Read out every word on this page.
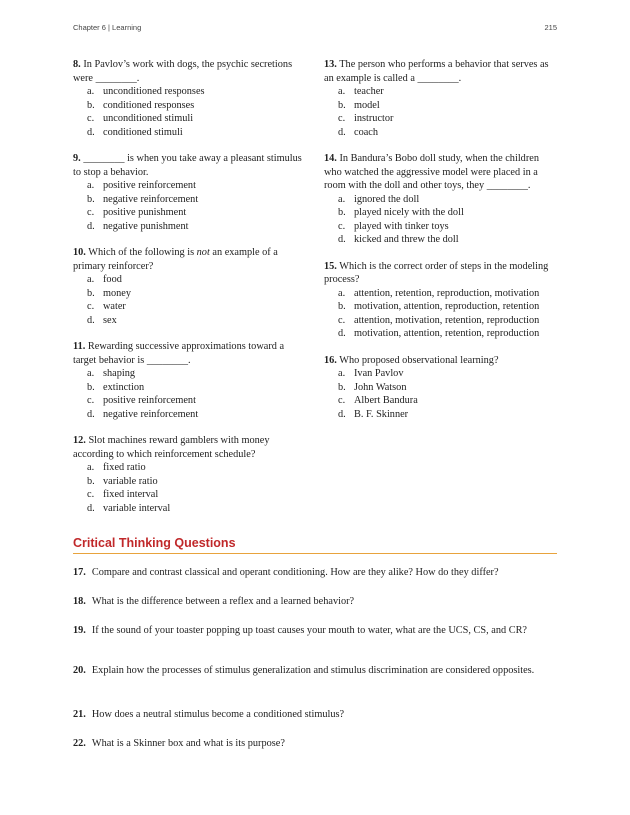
Chapter 6 | Learning	215

8. In Pavlov’s work with dogs, the psychic secretions were ________.

a. unconditioned responses
b. conditioned responses
c. unconditioned stimuli
d. conditioned stimuli

9. ________ is when you take away a pleasant stimulus to stop a behavior.

a. positive reinforcement
b. negative reinforcement
c. positive punishment
d. negative punishment

10. Which of the following is not an example of a primary reinforcer?

a. food
b. money
c. water
d. sex

11. Rewarding successive approximations toward a target behavior is ________.

a. shaping
b. extinction
c. positive reinforcement
d. negative reinforcement

12. Slot machines reward gamblers with money according to which reinforcement schedule?

a. fixed ratio
b. variable ratio
c. fixed interval
d. variable interval

13. The person who performs a behavior that serves as an example is called a ________.

a. teacher
b. model
c. instructor
d. coach

14. In Bandura’s Bobo doll study, when the children who watched the aggressive model were placed in a room with the doll and other toys, they ________.

a. ignored the doll
b. played nicely with the doll
c. played with tinker toys
d. kicked and threw the doll

15. Which is the correct order of steps in the modeling process?

a. attention, retention, reproduction, motivation
b. motivation, attention, reproduction, retention
c. attention, motivation, retention, reproduction
d. motivation, attention, retention, reproduction

16. Who proposed observational learning?

a. Ivan Pavlov
b. John Watson
c. Albert Bandura
d. B. F. Skinner
Critical Thinking Questions

17. Compare and contrast classical and operant conditioning. How are they alike? How do they differ?

18. What is the difference between a reflex and a learned behavior?

19. If the sound of your toaster popping up toast causes your mouth to water, what are the UCS, CS, and CR?

20. Explain how the processes of stimulus generalization and stimulus discrimination are considered opposites.

21. How does a neutral stimulus become a conditioned stimulus?

22. What is a Skinner box and what is its purpose?
